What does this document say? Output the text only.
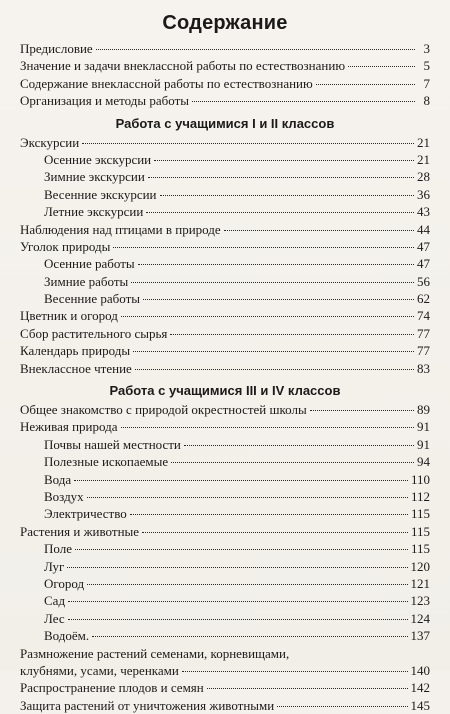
Содержание
Предисловие	3
Значение и задачи внеклассной работы по естествознанию	5
Содержание внеклассной работы по естествознанию	7
Организация и методы работы	8
Работа с учащимися I и II классов
Экскурсии	21
Осенние экскурсии	21
Зимние экскурсии	28
Весенние экскурсии	36
Летние экскурсии	43
Наблюдения над птицами в природе	44
Уголок природы	47
Осенние работы	47
Зимние работы	56
Весенние работы	62
Цветник и огород	74
Сбор растительного сырья	77
Календарь природы	77
Внеклассное чтение	83
Работа с учащимися III и IV классов
Общее знакомство с природой окрестностей школы	89
Неживая природа	91
Почвы нашей местности	91
Полезные ископаемые	94
Вода	110
Воздух	112
Электричество	115
Растения и животные	115
Поле	115
Луг	120
Огород	121
Сад	123
Лес	124
Водоём.	137
Размножение растений семенами, корневищами,
клубнями, усами, черенками	140
Распространение плодов и семян	142
Защита растений от уничтожения животными	145
